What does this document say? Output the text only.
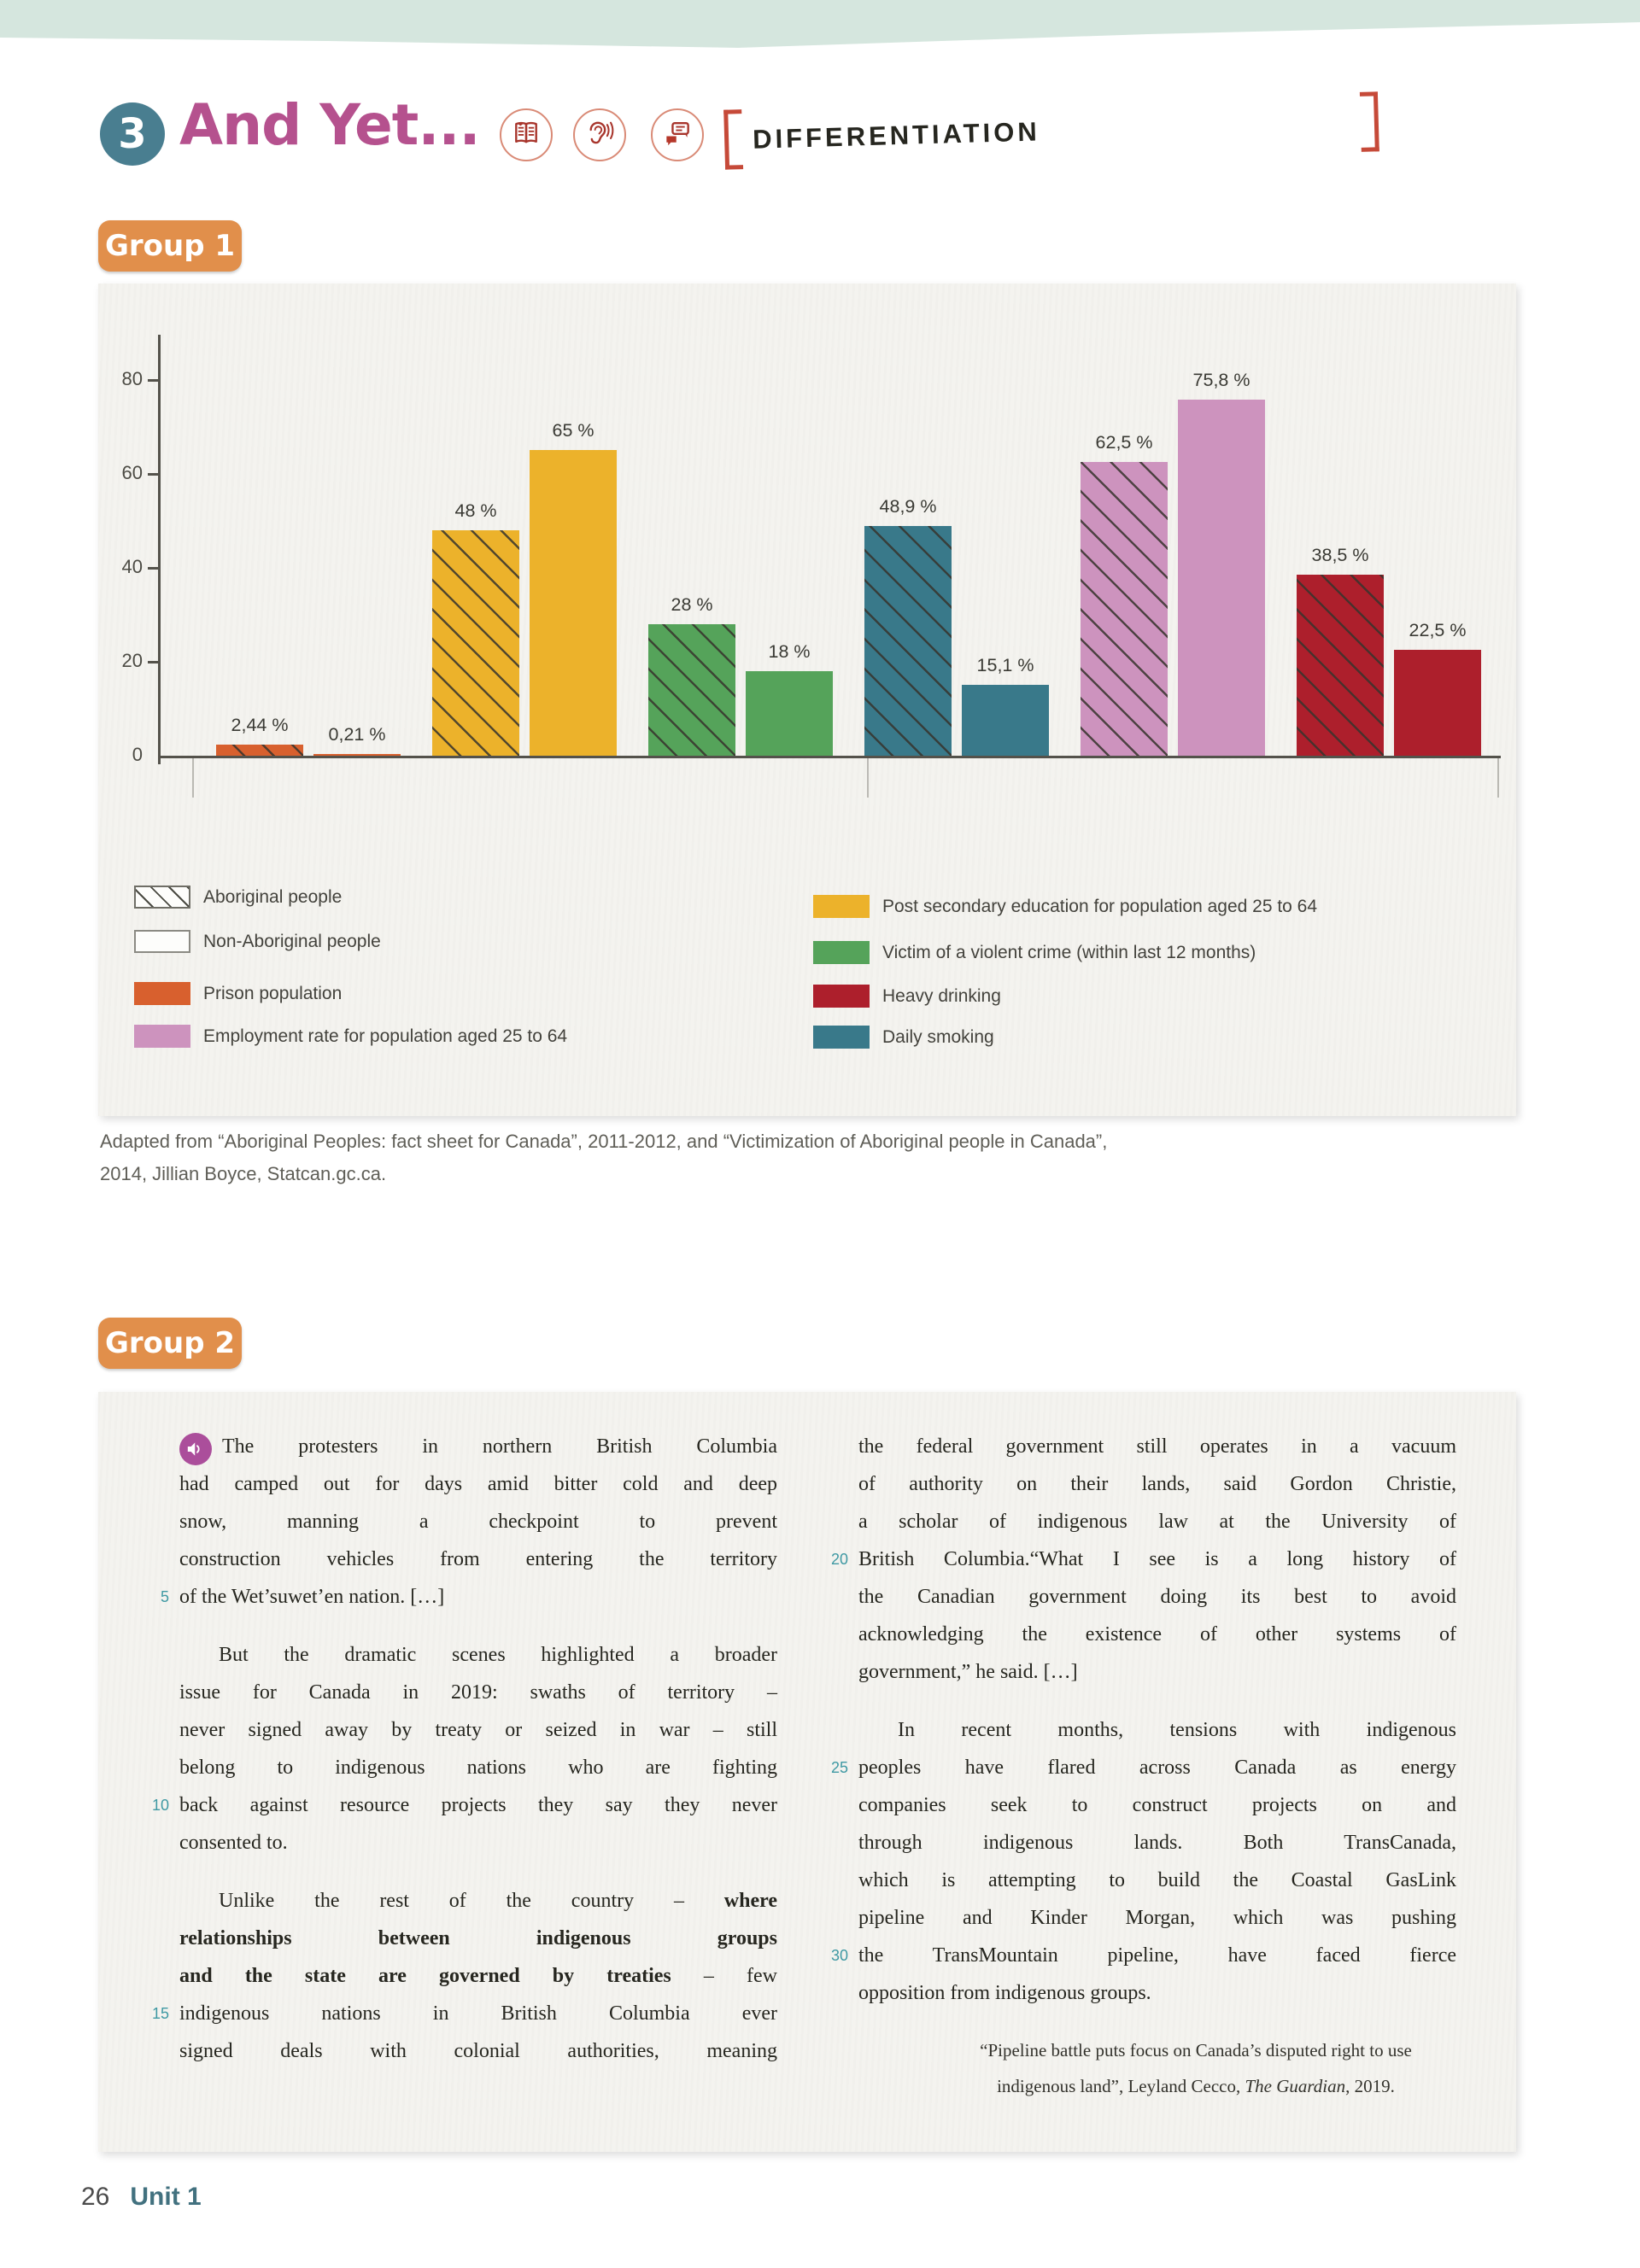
3 And Yet...	DIFFERENTIATION
Group 1
0
20
40
60
80
2,44 %	0,21 %
48 %
65 %
28 %
18 %
48,9 %
15,1 %
62,5 %
75,8 %
38,5 %
22,5 %
Aboriginal people
Non-Aboriginal people
Prison population
Employment rate for population aged 25 to 64
Post secondary education for population aged 25 to 64
Victim of a violent crime (within last 12 months)
Heavy drinking
Daily smoking
Adapted from “Aboriginal Peoples: fact sheet for Canada”, 2011-2012, and “Victimization of Aboriginal people in Canada”,
2014, Jillian Boyce, Statcan.gc.ca.
Group 2
The protesters in northern British Columbia
had camped out for days amid bitter cold and deep
snow, manning a checkpoint to prevent
construction vehicles from entering the territory
5 of the Wet’suwet’en nation. […]
But the dramatic scenes highlighted a broader
issue for Canada in 2019: swaths of territory –
never signed away by treaty or seized in war – still
belong to indigenous nations who are fighting
10 back against resource projects they say they never
consented to.
Unlike the rest of the country – where
relationships between indigenous groups
and the state are governed by treaties – few
15 indigenous nations in British Columbia ever
signed deals with colonial authorities, meaning
the federal government still operates in a vacuum
of authority on their lands, said Gordon Christie,
a scholar of indigenous law at the University of
20 British Columbia.“What I see is a long history of
the Canadian government doing its best to avoid
acknowledging the existence of other systems of
government,” he said. […]
In recent months, tensions with indigenous
25 peoples have flared across Canada as energy
companies seek to construct projects on and
through indigenous lands. Both TransCanada,
which is attempting to build the Coastal GasLink
pipeline and Kinder Morgan, which was pushing
30 the TransMountain pipeline, have faced fierce
opposition from indigenous groups.
“Pipeline battle puts focus on Canada’s disputed right to use
indigenous land”, Leyland Cecco, The Guardian, 2019.
26 Unit 1
